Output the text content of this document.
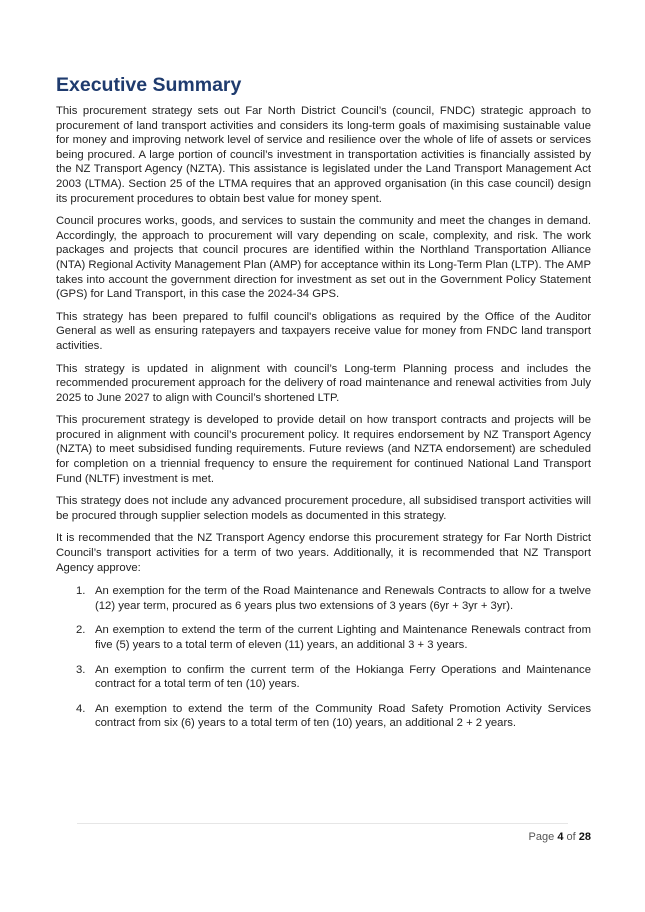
Executive Summary

This procurement strategy sets out Far North District Council’s (council, FNDC) strategic approach to procurement of land transport activities and considers its long-term goals of maximising sustainable value for money and improving network level of service and resilience over the whole of life of assets or services being procured. A large portion of council’s investment in transportation activities is financially assisted by the NZ Transport Agency (NZTA). This assistance is legislated under the Land Transport Management Act 2003 (LTMA). Section 25 of the LTMA requires that an approved organisation (in this case council) design its procurement procedures to obtain best value for money spent.

Council procures works, goods, and services to sustain the community and meet the changes in demand. Accordingly, the approach to procurement will vary depending on scale, complexity, and risk. The work packages and projects that council procures are identified within the Northland Transportation Alliance (NTA) Regional Activity Management Plan (AMP) for acceptance within its Long-Term Plan (LTP). The AMP takes into account the government direction for investment as set out in the Government Policy Statement (GPS) for Land Transport, in this case the 2024-34 GPS.

This strategy has been prepared to fulfil council's obligations as required by the Office of the Auditor General as well as ensuring ratepayers and taxpayers receive value for money from FNDC land transport activities.

This strategy is updated in alignment with council’s Long-term Planning process and includes the recommended procurement approach for the delivery of road maintenance and renewal activities from July 2025 to June 2027 to align with Council’s shortened LTP.

This procurement strategy is developed to provide detail on how transport contracts and projects will be procured in alignment with council’s procurement policy. It requires endorsement by NZ Transport Agency (NZTA) to meet subsidised funding requirements. Future reviews (and NZTA endorsement) are scheduled for completion on a triennial frequency to ensure the requirement for continued National Land Transport Fund (NLTF) investment is met.

This strategy does not include any advanced procurement procedure, all subsidised transport activities will be procured through supplier selection models as documented in this strategy.

It is recommended that the NZ Transport Agency endorse this procurement strategy for Far North District Council’s transport activities for a term of two years. Additionally, it is recommended that NZ Transport Agency approve:

1. An exemption for the term of the Road Maintenance and Renewals Contracts to allow for a twelve (12) year term, procured as 6 years plus two extensions of 3 years (6yr + 3yr + 3yr).
2. An exemption to extend the term of the current Lighting and Maintenance Renewals contract from five (5) years to a total term of eleven (11) years, an additional 3 + 3 years.
3. An exemption to confirm the current term of the Hokianga Ferry Operations and Maintenance contract for a total term of ten (10) years.
4. An exemption to extend the term of the Community Road Safety Promotion Activity Services contract from six (6) years to a total term of ten (10) years, an additional 2 + 2 years.
Page 4 of 28
